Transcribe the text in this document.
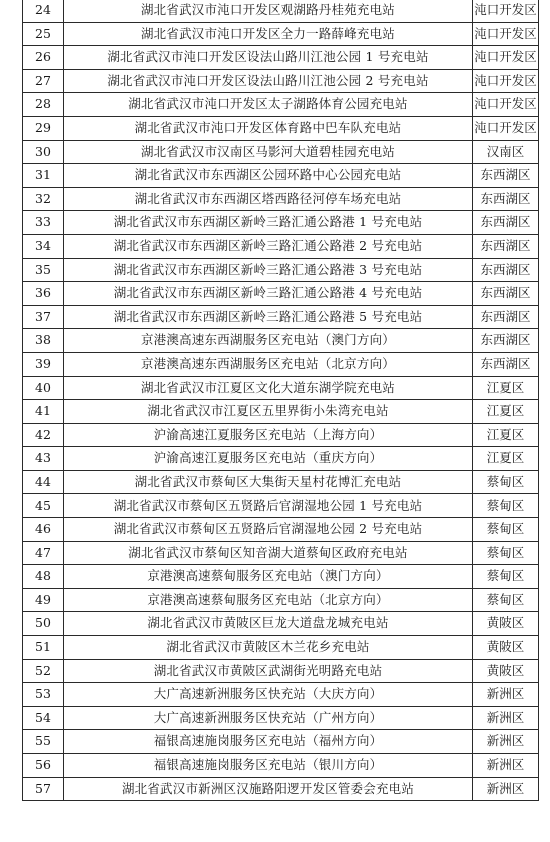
24	湖北省武汉市沌口开发区观湖路丹桂苑充电站	沌口开发区
25	湖北省武汉市沌口开发区全力一路薛峰充电站	沌口开发区
26	湖北省武汉市沌口开发区设法山路川江池公园 1 号充电站	沌口开发区
27	湖北省武汉市沌口开发区设法山路川江池公园 2 号充电站	沌口开发区
28	湖北省武汉市沌口开发区太子湖路体育公园充电站	沌口开发区
29	湖北省武汉市沌口开发区体育路中巴车队充电站	沌口开发区
30	湖北省武汉市汉南区马影河大道碧桂园充电站	汉南区
31	湖北省武汉市东西湖区公园环路中心公园充电站	东西湖区
32	湖北省武汉市东西湖区塔西路径河停车场充电站	东西湖区
33	湖北省武汉市东西湖区新岭三路汇通公路港 1 号充电站	东西湖区
34	湖北省武汉市东西湖区新岭三路汇通公路港 2 号充电站	东西湖区
35	湖北省武汉市东西湖区新岭三路汇通公路港 3 号充电站	东西湖区
36	湖北省武汉市东西湖区新岭三路汇通公路港 4 号充电站	东西湖区
37	湖北省武汉市东西湖区新岭三路汇通公路港 5 号充电站	东西湖区
38	京港澳高速东西湖服务区充电站（澳门方向）	东西湖区
39	京港澳高速东西湖服务区充电站（北京方向）	东西湖区
40	湖北省武汉市江夏区文化大道东湖学院充电站	江夏区
41	湖北省武汉市江夏区五里界街小朱湾充电站	江夏区
42	沪渝高速江夏服务区充电站（上海方向）	江夏区
43	沪渝高速江夏服务区充电站（重庆方向）	江夏区
44	湖北省武汉市蔡甸区大集街天星村花博汇充电站	蔡甸区
45	湖北省武汉市蔡甸区五贤路后官湖湿地公园 1 号充电站	蔡甸区
46	湖北省武汉市蔡甸区五贤路后官湖湿地公园 2 号充电站	蔡甸区
47	湖北省武汉市蔡甸区知音湖大道蔡甸区政府充电站	蔡甸区
48	京港澳高速蔡甸服务区充电站（澳门方向）	蔡甸区
49	京港澳高速蔡甸服务区充电站（北京方向）	蔡甸区
50	湖北省武汉市黄陂区巨龙大道盘龙城充电站	黄陂区
51	湖北省武汉市黄陂区木兰花乡充电站	黄陂区
52	湖北省武汉市黄陂区武湖街光明路充电站	黄陂区
53	大广高速新洲服务区快充站（大庆方向）	新洲区
54	大广高速新洲服务区快充站（广州方向）	新洲区
55	福银高速施岗服务区充电站（福州方向）	新洲区
56	福银高速施岗服务区充电站（银川方向）	新洲区
57	湖北省武汉市新洲区汉施路阳逻开发区管委会充电站	新洲区
